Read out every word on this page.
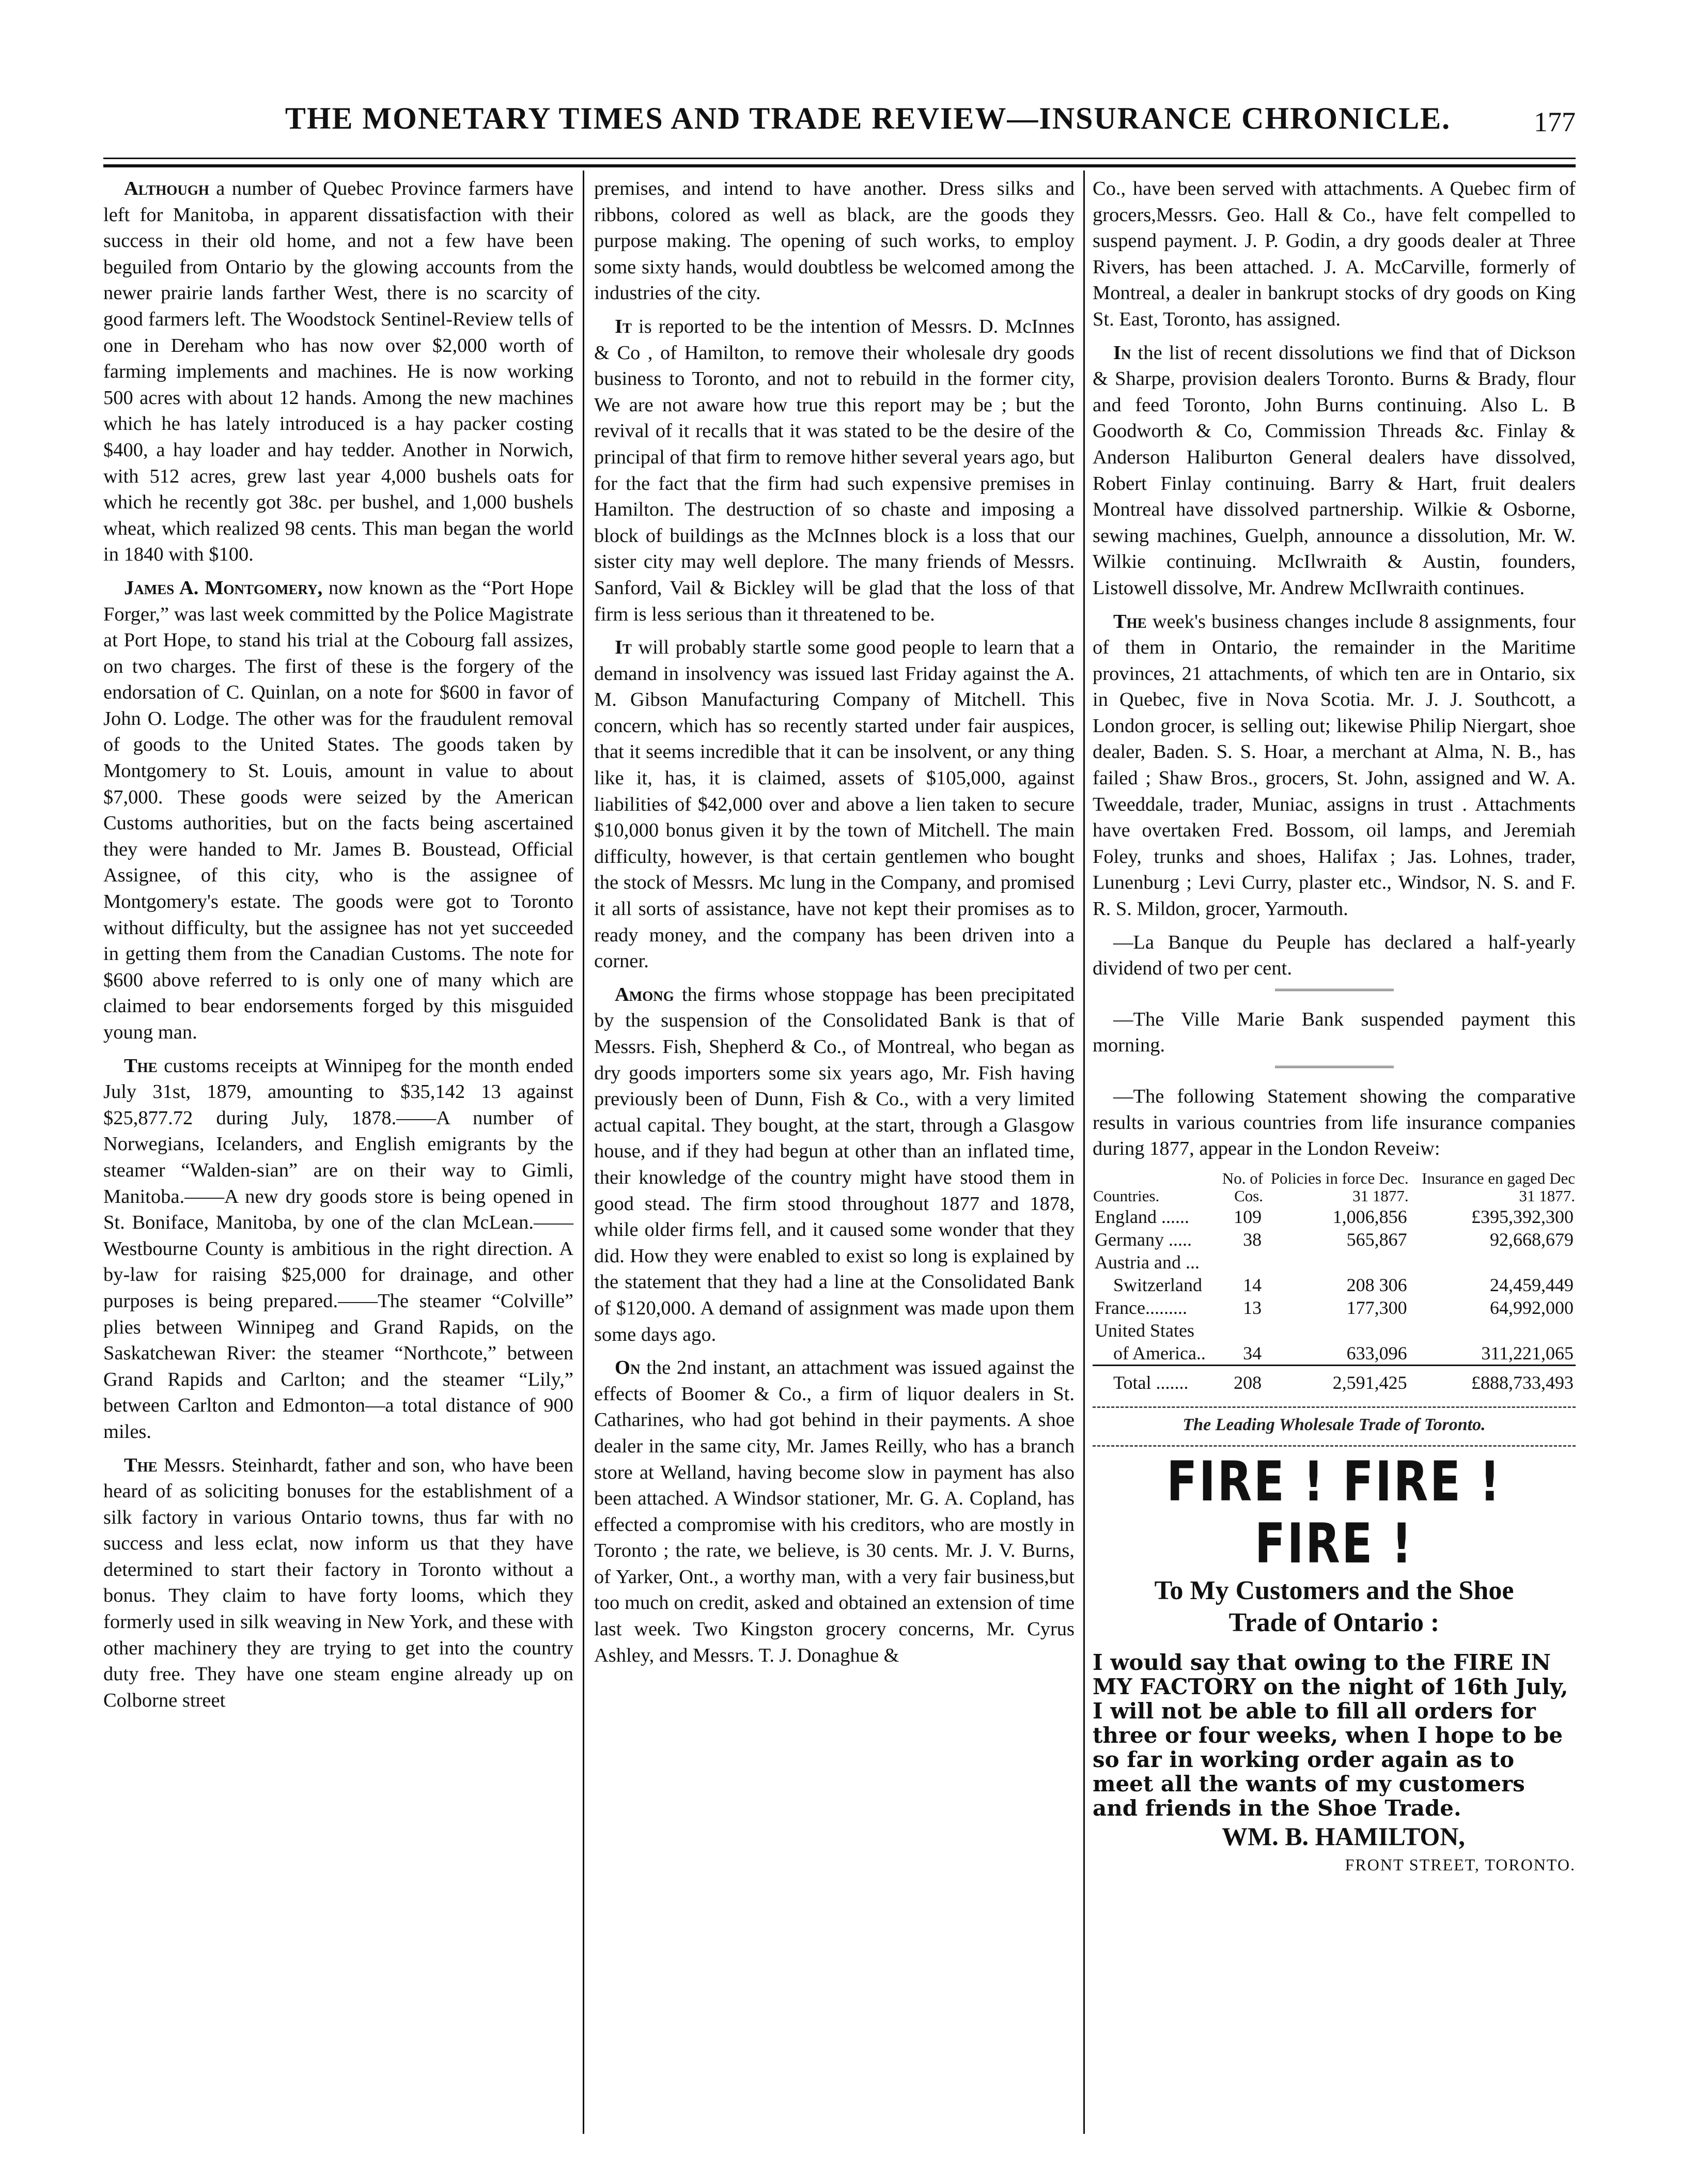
THE MONETARY TIMES AND TRADE REVIEW—INSURANCE CHRONICLE.	177

Although a number of Quebec Province farmers have left for Manitoba, in apparent dissatisfaction with their success in their old home, and not a few have been beguiled from Ontario by the glowing accounts from the newer prairie lands farther West, there is no scarcity of good farmers left. The Woodstock Sentinel-Review tells of one in Dereham who has now over $2,000 worth of farming implements and machines. He is now working 500 acres with about 12 hands. Among the new machines which he has lately introduced is a hay packer costing $400, a hay loader and hay tedder. Another in Norwich, with 512 acres, grew last year 4,000 bushels oats for which he recently got 38c. per bushel, and 1,000 bushels wheat, which realized 98 cents. This man began the world in 1840 with $100.

James A. Montgomery, now known as the “Port Hope Forger,” was last week committed by the Police Magistrate at Port Hope, to stand his trial at the Cobourg fall assizes, on two charges. The first of these is the forgery of the endorsation of C. Quinlan, on a note for $600 in favor of John O. Lodge. The other was for the fraudulent removal of goods to the United States. The goods taken by Montgomery to St. Louis, amount in value to about $7,000. These goods were seized by the American Customs authorities, but on the facts being ascertained they were handed to Mr. James B. Boustead, Official Assignee, of this city, who is the assignee of Montgomery's estate. The goods were got to Toronto without difficulty, but the assignee has not yet succeeded in getting them from the Canadian Customs. The note for $600 above referred to is only one of many which are claimed to bear endorsements forged by this misguided young man.

The customs receipts at Winnipeg for the month ended July 31st, 1879, amounting to $35,142 13 against $25,877.72 during July, 1878.——A number of Norwegians, Icelanders, and English emigrants by the steamer “Walden-sian” are on their way to Gimli, Manitoba.——A new dry goods store is being opened in St. Boniface, Manitoba, by one of the clan McLean.——Westbourne County is ambitious in the right direction. A by-law for raising $25,000 for drainage, and other purposes is being prepared.——The steamer “Colville” plies between Winnipeg and Grand Rapids, on the Saskatchewan River: the steamer “Northcote,” between Grand Rapids and Carlton; and the steamer “Lily,” between Carlton and Edmonton—a total distance of 900 miles.

The Messrs. Steinhardt, father and son, who have been heard of as soliciting bonuses for the establishment of a silk factory in various Ontario towns, thus far with no success and less eclat, now inform us that they have determined to start their factory in Toronto without a bonus. They claim to have forty looms, which they formerly used in silk weaving in New York, and these with other machinery they are trying to get into the country duty free. They have one steam engine already up on Colborne street

premises, and intend to have another. Dress silks and ribbons, colored as well as black, are the goods they purpose making. The opening of such works, to employ some sixty hands, would doubtless be welcomed among the industries of the city.

It is reported to be the intention of Messrs. D. McInnes & Co , of Hamilton, to remove their wholesale dry goods business to Toronto, and not to rebuild in the former city, We are not aware how true this report may be ; but the revival of it recalls that it was stated to be the desire of the principal of that firm to remove hither several years ago, but for the fact that the firm had such expensive premises in Hamilton. The destruction of so chaste and imposing a block of buildings as the McInnes block is a loss that our sister city may well deplore. The many friends of Messrs. Sanford, Vail & Bickley will be glad that the loss of that firm is less serious than it threatened to be.

It will probably startle some good people to learn that a demand in insolvency was issued last Friday against the A. M. Gibson Manufacturing Company of Mitchell. This concern, which has so recently started under fair auspices, that it seems incredible that it can be insolvent, or any thing like it, has, it is claimed, assets of $105,000, against liabilities of $42,000 over and above a lien taken to secure $10,000 bonus given it by the town of Mitchell. The main difficulty, however, is that certain gentlemen who bought the stock of Messrs. Mc lung in the Company, and promised it all sorts of assistance, have not kept their promises as to ready money, and the company has been driven into a corner.

Among the firms whose stoppage has been precipitated by the suspension of the Consolidated Bank is that of Messrs. Fish, Shepherd & Co., of Montreal, who began as dry goods importers some six years ago, Mr. Fish having previously been of Dunn, Fish & Co., with a very limited actual capital. They bought, at the start, through a Glasgow house, and if they had begun at other than an inflated time, their knowledge of the country might have stood them in good stead. The firm stood throughout 1877 and 1878, while older firms fell, and it caused some wonder that they did. How they were enabled to exist so long is explained by the statement that they had a line at the Consolidated Bank of $120,000. A demand of assignment was made upon them some days ago.

On the 2nd instant, an attachment was issued against the effects of Boomer & Co., a firm of liquor dealers in St. Catharines, who had got behind in their payments. A shoe dealer in the same city, Mr. James Reilly, who has a branch store at Welland, having become slow in payment has also been attached. A Windsor stationer, Mr. G. A. Copland, has effected a compromise with his creditors, who are mostly in Toronto ; the rate, we believe, is 30 cents. Mr. J. V. Burns, of Yarker, Ont., a worthy man, with a very fair business,but too much on credit, asked and obtained an extension of time last week. Two Kingston grocery concerns, Mr. Cyrus Ashley, and Messrs. T. J. Donaghue &

Co., have been served with attachments. A Quebec firm of grocers,Messrs. Geo. Hall & Co., have felt compelled to suspend payment. J. P. Godin, a dry goods dealer at Three Rivers, has been attached. J. A. McCarville, formerly of Montreal, a dealer in bankrupt stocks of dry goods on King St. East, Toronto, has assigned.

In the list of recent dissolutions we find that of Dickson & Sharpe, provision dealers Toronto. Burns & Brady, flour and feed Toronto, John Burns continuing. Also L. B Goodworth & Co, Commission Threads &c. Finlay & Anderson Haliburton General dealers have dissolved, Robert Finlay continuing. Barry & Hart, fruit dealers Montreal have dissolved partnership. Wilkie & Osborne, sewing machines, Guelph, announce a dissolution, Mr. W. Wilkie continuing. McIlwraith & Austin, founders, Listowell dissolve, Mr. Andrew McIlwraith continues.

The week's business changes include 8 assignments, four of them in Ontario, the remainder in the Maritime provinces, 21 attachments, of which ten are in Ontario, six in Quebec, five in Nova Scotia. Mr. J. J. Southcott, a London grocer, is selling out; likewise Philip Niergart, shoe dealer, Baden. S. S. Hoar, a merchant at Alma, N. B., has failed ; Shaw Bros., grocers, St. John, assigned and W. A. Tweeddale, trader, Muniac, assigns in trust . Attachments have overtaken Fred. Bossom, oil lamps, and Jeremiah Foley, trunks and shoes, Halifax ; Jas. Lohnes, trader, Lunenburg ; Levi Curry, plaster etc., Windsor, N. S. and F. R. S. Mildon, grocer, Yarmouth.

—La Banque du Peuple has declared a half-yearly dividend of two per cent.

—The Ville Marie Bank suspended payment this morning.

—The following Statement showing the comparative results in various countries from life insurance companies during 1877, appear in the London Reveiw:

Countries.	No. of Cos.	Policies in force Dec. 31 1877.	Insurance en gaged Dec 31 1877.
England ......	109	1,006,856	£395,392,300
Germany .....	38	565,867	92,668,679
Austria and ...			
Switzerland	14	208 306	24,459,449
France.........	13	177,300	64,992,000
United States			
of America..	34	633,096	311,221,065
Total .......	208	2,591,425	£888,733,493
The Leading Wholesale Trade of Toronto.
FIRE ! FIRE ! FIRE !
To My Customers and the Shoe
Trade of Ontario :
I would say that owing to the FIRE IN MY FACTORY on the night of 16th July, I will not be able to fill all orders for three or four weeks, when I hope to be so far in working order again as to meet all the wants of my customers and friends in the Shoe Trade.
WM. B. HAMILTON,
FRONT STREET, TORONTO.
